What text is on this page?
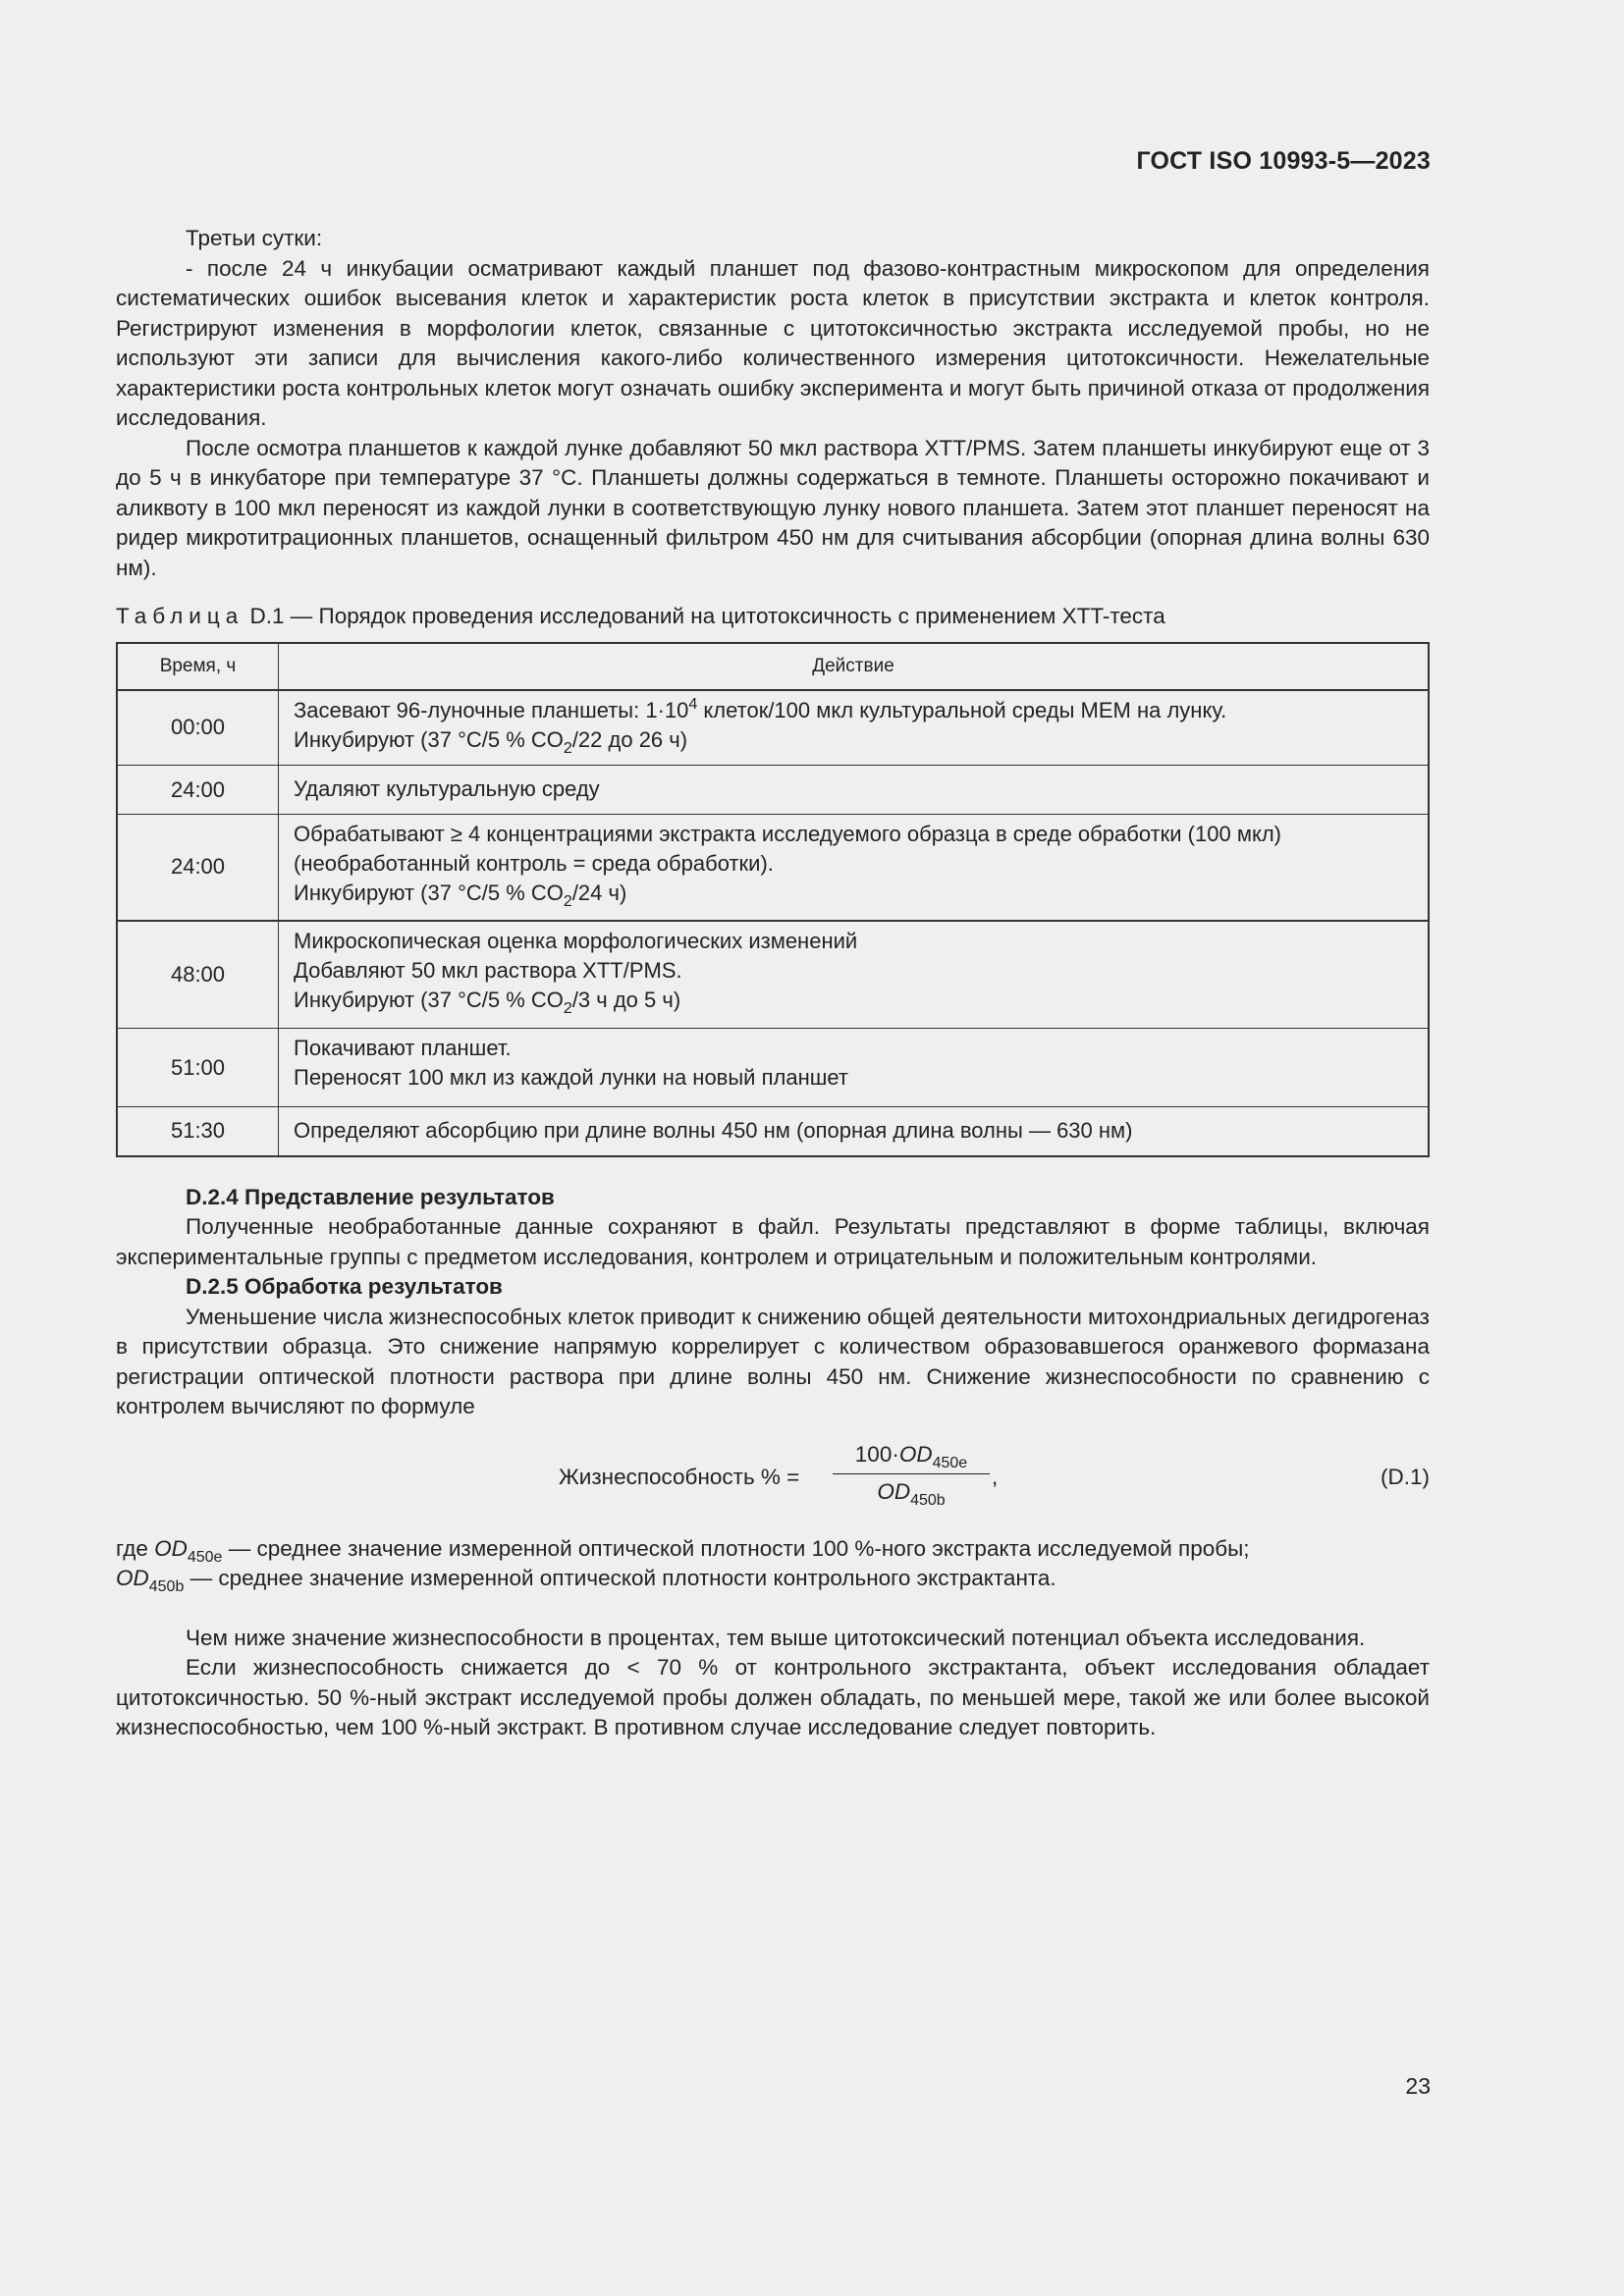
ГОСТ ISO 10993-5—2023

Третьи сутки:

- после 24 ч инкубации осматривают каждый планшет под фазово-контрастным микроскопом для определения систематических ошибок высевания клеток и характеристик роста клеток в присутствии экстракта и клеток контроля. Регистрируют изменения в морфологии клеток, связанные с цитотоксичностью экстракта исследуемой пробы, но не используют эти записи для вычисления какого-либо количественного измерения цитотоксичности. Нежелательные характеристики роста контрольных клеток могут означать ошибку эксперимента и могут быть причиной отказа от продолжения исследования.

После осмотра планшетов к каждой лунке добавляют 50 мкл раствора XTT/PMS. Затем планшеты инкубируют еще от 3 до 5 ч в инкубаторе при температуре 37 °С. Планшеты должны содержаться в темноте. Планшеты осторожно покачивают и аликвоту в 100 мкл переносят из каждой лунки в соответствующую лунку нового планшета. Затем этот планшет переносят на ридер микротитрационных планшетов, оснащенный фильтром 450 нм для считывания абсорбции (опорная длина волны 630 нм).

Таблица D.1 — Порядок проведения исследований на цитотоксичность с применением XTT-теста

Время, ч	Действие
00:00	Засевают 96-луночные планшеты: $1\cdot 10^4$ клеток/100 мкл культуральной среды MEM на лунку.
Инкубируют (37 °С/5 % $CO_2/22$ до 26 ч)

24:00	Удаляют культуральную среду

24:00	Обрабатывают ≥ 4 концентрациями экстракта исследуемого образца в среде обработки (100 мкл)
(необработанный контроль = среда обработки).
Инкубируют (37 °С/5 % $CO_2/24$ ч)

48:00	Микроскопическая оценка морфологических изменений
Добавляют 50 мкл раствора XTT/PMS.
Инкубируют (37 °С/5 % $CO_2/3$ ч до 5 ч)

51:00	Покачивают планшет.
Переносят 100 мкл из каждой лунки на новый планшет

51:30	Определяют абсорбцию при длине волны 450 нм (опорная длина волны — 630 нм)

D.2.4 Представление результатов

Полученные необработанные данные сохраняют в файл. Результаты представляют в форме таблицы, включая экспериментальные группы с предметом исследования, контролем и отрицательным и положительным контролями.

D.2.5 Обработка результатов

Уменьшение числа жизнеспособных клеток приводит к снижению общей деятельности митохондриальных дегидрогеназ в присутствии образца. Это снижение напрямую коррелирует с количеством образовавшегося оранжевого формазана регистрации оптической плотности раствора при длине волны 450 нм. Снижение жизнеспособности по сравнению с контролем вычисляют по формуле

Жизнеспособность % = $\frac{100\cdot OD_{450e}}{OD_{450b}}$ ,	(D.1)

где $OD_{450e}$ — среднее значение измеренной оптической плотности 100 %-ного экстракта исследуемой пробы;

$OD_{450b}$ — среднее значение измеренной оптической плотности контрольного экстрактанта.

Чем ниже значение жизнеспособности в процентах, тем выше цитотоксический потенциал объекта исследования.

Если жизнеспособность снижается до < 70 % от контрольного экстрактанта, объект исследования обладает цитотоксичностью. 50 %-ный экстракт исследуемой пробы должен обладать, по меньшей мере, такой же или более высокой жизнеспособностью, чем 100 %-ный экстракт. В противном случае исследование следует повторить.

23
